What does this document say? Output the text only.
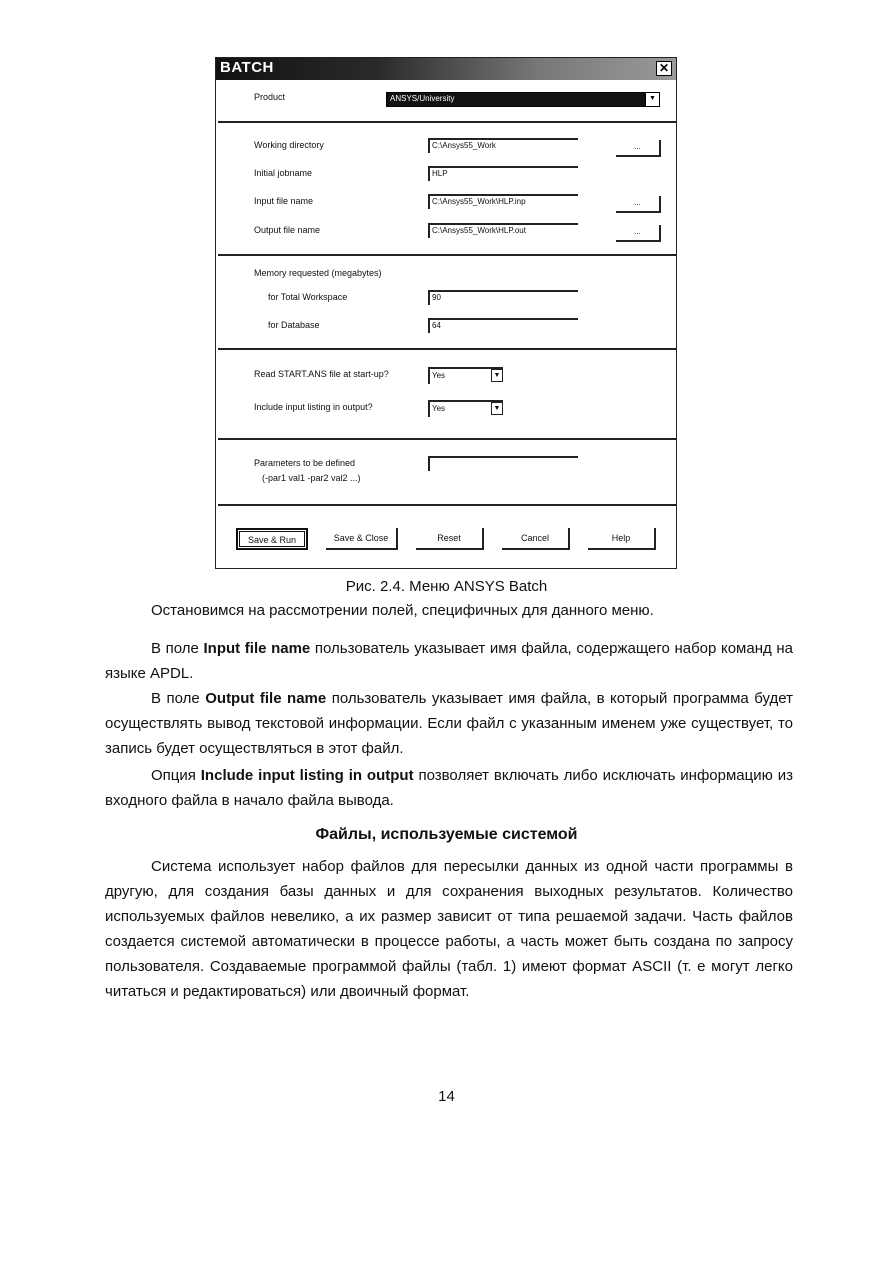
BATCH	✕
Product	ANSYS/University	▼
Working directory	C:\Ansys55_Work	...
Initial jobname	HLP
Input file name	C:\Ansys55_Work\HLP.inp	...
Output file name	C:\Ansys55_Work\HLP.out	...
Memory requested (megabytes)
for Total Workspace	90
for Database	64
Read START.ANS file at start-up?	Yes	▼
Include input listing in output?	Yes	▼
Parameters to be defined
(-par1 val1 -par2 val2 ...)
Save & Run	Save & Close	Reset	Cancel	Help
Рис. 2.4. Меню ANSYS Batch

Остановимся на рассмотрении полей, специфичных для данного меню.

В поле Input file name пользователь указывает имя файла, содержащего набор команд на языке APDL.

В поле Output file name пользователь указывает имя файла, в который программа будет осуществлять вывод текстовой информации. Если файл с указанным именем уже существует, то запись будет осуществляться в этот файл.

Опция Include input listing in output позволяет включать либо исключать информацию из входного файла в начало файла вывода.

Файлы, используемые системой

Система использует набор файлов для пересылки данных из одной части программы в другую, для создания базы данных и для сохранения выходных результатов. Количество используемых файлов невелико, а их размер зависит от типа решаемой задачи. Часть файлов создается системой автоматически в процессе работы, а часть может быть создана по запросу пользователя. Создаваемые программой файлы (табл. 1) имеют формат ASCII (т. е могут легко читаться и редактироваться) или двоичный формат.

14
